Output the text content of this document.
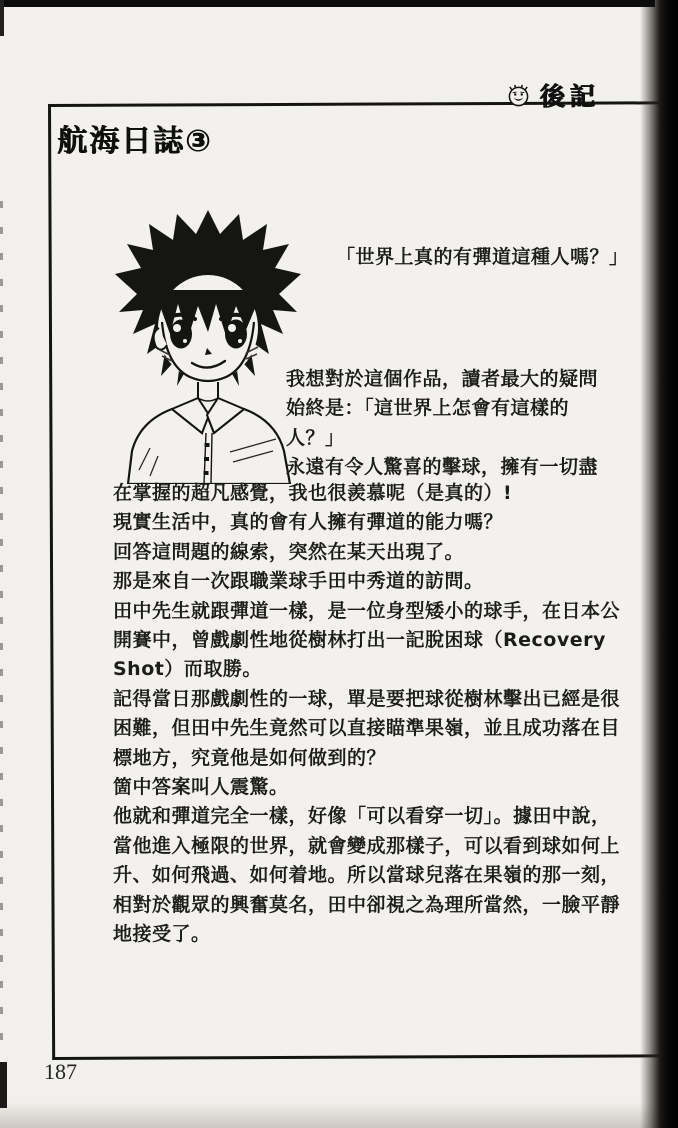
後記
航海日誌③
「世界上真的有彈道這種人嗎？」
我想對於這個作品，讀者最大的疑問
始終是：「這世界上怎會有這樣的
人？」
永遠有令人驚喜的擊球，擁有一切盡
在掌握的超凡感覺，我也很羨慕呢（是真的）!
現實生活中，真的會有人擁有彈道的能力嗎？
回答這問題的線索，突然在某天出現了。
那是來自一次跟職業球手田中秀道的訪問。
田中先生就跟彈道一樣，是一位身型矮小的球手，在日本公
開賽中，曾戲劇性地從樹林打出一記脫困球（Recovery
Shot）而取勝。
記得當日那戲劇性的一球，單是要把球從樹林擊出已經是很
困難，但田中先生竟然可以直接瞄準果嶺，並且成功落在目
標地方，究竟他是如何做到的？
箇中答案叫人震驚。
他就和彈道完全一樣，好像「可以看穿一切」。據田中說，
當他進入極限的世界，就會變成那樣子，可以看到球如何上
升、如何飛過、如何着地。所以當球兒落在果嶺的那一刻，
相對於觀眾的興奮莫名，田中卻視之為理所當然，一臉平靜
地接受了。
187
